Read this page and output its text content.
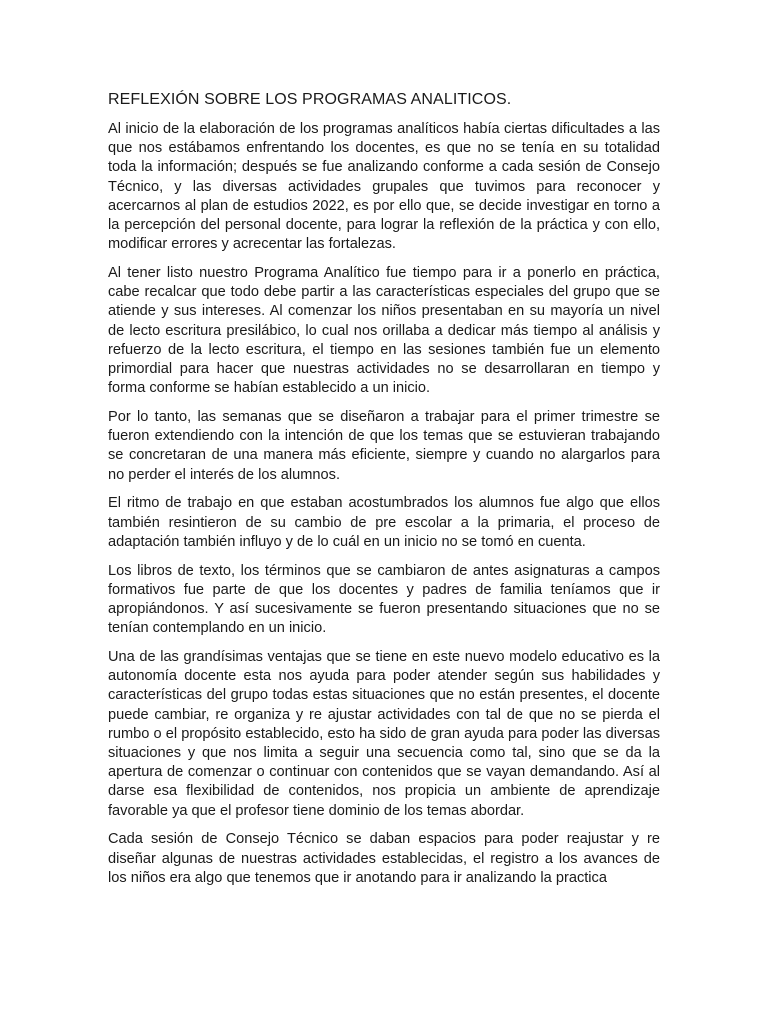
REFLEXIÓN SOBRE LOS PROGRAMAS ANALITICOS.

Al inicio de la elaboración de los programas analíticos había ciertas dificultades a las que nos estábamos enfrentando los docentes, es que no se tenía en su totalidad toda la información; después se fue analizando conforme a cada sesión de Consejo Técnico, y las diversas actividades grupales que tuvimos para reconocer y acercarnos al plan de estudios 2022, es por ello que, se decide investigar en torno a la percepción del personal docente, para lograr la reflexión de la práctica y con ello, modificar errores y acrecentar las fortalezas.

Al tener listo nuestro Programa Analítico fue tiempo para ir a ponerlo en práctica, cabe recalcar que todo debe partir a las características especiales del grupo que se atiende y sus intereses. Al comenzar los niños presentaban en su mayoría un nivel de lecto escritura presilábico, lo cual nos orillaba a dedicar más tiempo al análisis y refuerzo de la lecto escritura, el tiempo en las sesiones también fue un elemento primordial para hacer que nuestras actividades no se desarrollaran en tiempo y forma conforme se habían establecido a un inicio.

Por lo tanto, las semanas que se diseñaron a trabajar para el primer trimestre se fueron extendiendo con la intención de que los temas que se estuvieran trabajando se concretaran de una manera más eficiente, siempre y cuando no alargarlos para no perder el interés de los alumnos.

El ritmo de trabajo en que estaban acostumbrados los alumnos fue algo que ellos también resintieron de su cambio de pre escolar a la primaria, el proceso de adaptación también influyo y de lo cuál en un inicio no se tomó en cuenta.

Los libros de texto, los términos que se cambiaron de antes asignaturas a campos formativos fue parte de que los docentes y padres de familia teníamos que ir apropiándonos. Y así sucesivamente se fueron presentando situaciones que no se tenían contemplando en un inicio.

Una de las grandísimas ventajas que se tiene en este nuevo modelo educativo es la autonomía docente esta nos ayuda para poder atender según sus habilidades y características del grupo todas estas situaciones que no están presentes, el docente puede cambiar, re organiza y re ajustar actividades con tal de que no se pierda el rumbo o el propósito establecido, esto ha sido de gran ayuda para poder las diversas situaciones y que nos limita a seguir una secuencia como tal, sino que se da la apertura de comenzar o continuar con contenidos que se vayan demandando. Así al darse esa flexibilidad de contenidos, nos propicia un ambiente de aprendizaje favorable ya que el profesor tiene dominio de los temas abordar.

Cada sesión de Consejo Técnico se daban espacios para poder reajustar y re diseñar algunas de nuestras actividades establecidas, el registro a los avances de los niños era algo que tenemos que ir anotando para ir analizando la practica
